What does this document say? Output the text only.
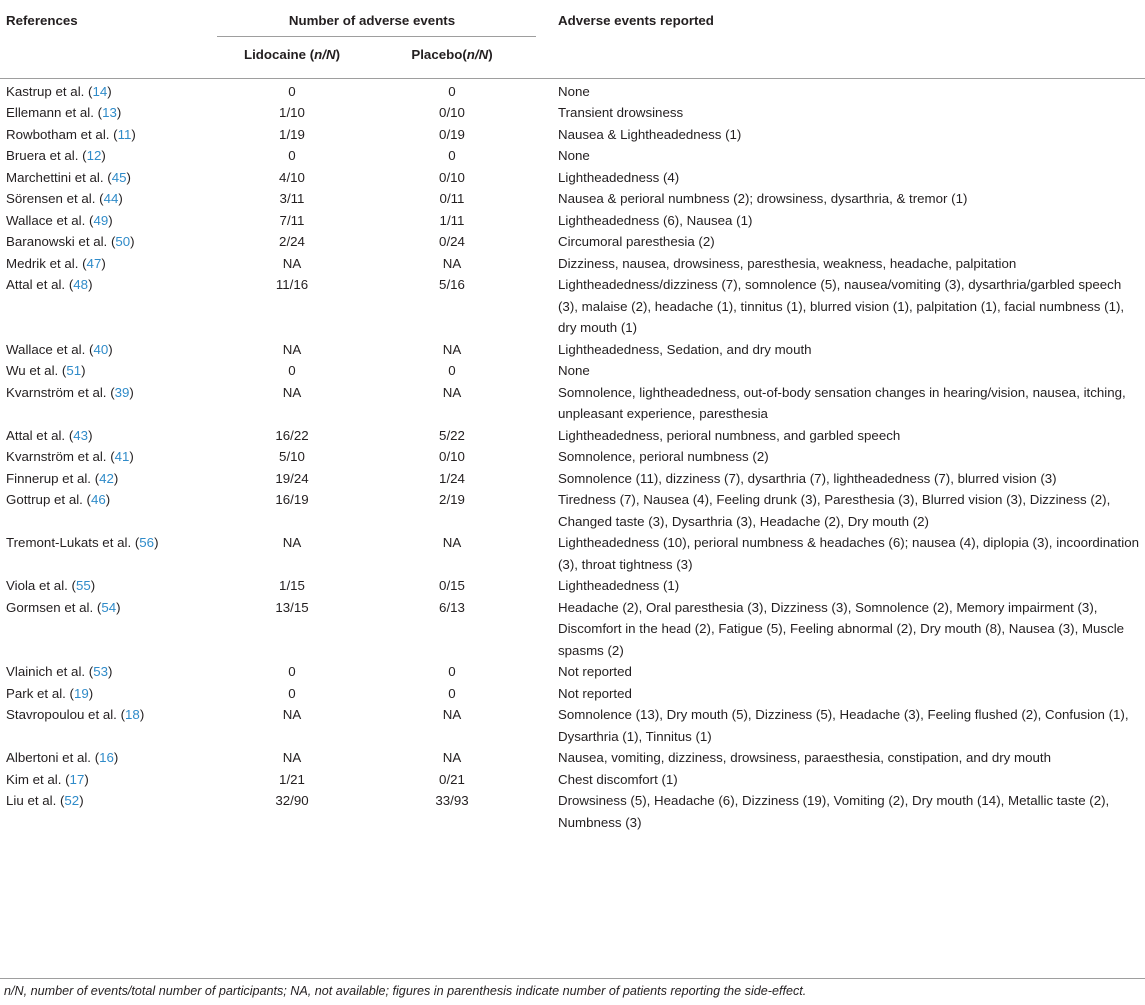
References	Number of adverse events		Adverse events reported
	Lidocaine (n/N)	Placebo(n/N)	
Kastrup et al. (14)	0	0	None
Ellemann et al. (13)	1/10	0/10	Transient drowsiness
Rowbotham et al. (11)	1/19	0/19	Nausea & Lightheadedness (1)
Bruera et al. (12)	0	0	None
Marchettini et al. (45)	4/10	0/10	Lightheadedness (4)
Sörensen et al. (44)	3/11	0/11	Nausea & perioral numbness (2); drowsiness, dysarthria, & tremor (1)
Wallace et al. (49)	7/11	1/11	Lightheadedness (6), Nausea (1)
Baranowski et al. (50)	2/24	0/24	Circumoral paresthesia (2)
Medrik et al. (47)	NA	NA	Dizziness, nausea, drowsiness, paresthesia, weakness, headache, palpitation
Attal et al. (48)	11/16	5/16	Lightheadedness/dizziness (7), somnolence (5), nausea/vomiting (3), dysarthria/garbled speech (3), malaise (2), headache (1), tinnitus (1), blurred vision (1), palpitation (1), facial numbness (1), dry mouth (1)
Wallace et al. (40)	NA	NA	Lightheadedness, Sedation, and dry mouth
Wu et al. (51)	0	0	None
Kvarnström et al. (39)	NA	NA	Somnolence, lightheadedness, out-of-body sensation changes in hearing/vision, nausea, itching, unpleasant experience, paresthesia
Attal et al. (43)	16/22	5/22	Lightheadedness, perioral numbness, and garbled speech
Kvarnström et al. (41)	5/10	0/10	Somnolence, perioral numbness (2)
Finnerup et al. (42)	19/24	1/24	Somnolence (11), dizziness (7), dysarthria (7), lightheadedness (7), blurred vision (3)
Gottrup et al. (46)	16/19	2/19	Tiredness (7), Nausea (4), Feeling drunk (3), Paresthesia (3), Blurred vision (3), Dizziness (2), Changed taste (3), Dysarthria (3), Headache (2), Dry mouth (2)
Tremont-Lukats et al. (56)	NA	NA	Lightheadedness (10), perioral numbness & headaches (6); nausea (4), diplopia (3), incoordination (3), throat tightness (3)
Viola et al. (55)	1/15	0/15	Lightheadedness (1)
Gormsen et al. (54)	13/15	6/13	Headache (2), Oral paresthesia (3), Dizziness (3), Somnolence (2), Memory impairment (3), Discomfort in the head (2), Fatigue (5), Feeling abnormal (2), Dry mouth (8), Nausea (3), Muscle spasms (2)
Vlainich et al. (53)	0	0	Not reported
Park et al. (19)	0	0	Not reported
Stavropoulou et al. (18)	NA	NA	Somnolence (13), Dry mouth (5), Dizziness (5), Headache (3), Feeling flushed (2), Confusion (1), Dysarthria (1), Tinnitus (1)
Albertoni et al. (16)	NA	NA	Nausea, vomiting, dizziness, drowsiness, paraesthesia, constipation, and dry mouth
Kim et al. (17)	1/21	0/21	Chest discomfort (1)
Liu et al. (52)	32/90	33/93	Drowsiness (5), Headache (6), Dizziness (19), Vomiting (2), Dry mouth (14), Metallic taste (2), Numbness (3)
n/N, number of events/total number of participants; NA, not available; figures in parenthesis indicate number of patients reporting the side-effect.
